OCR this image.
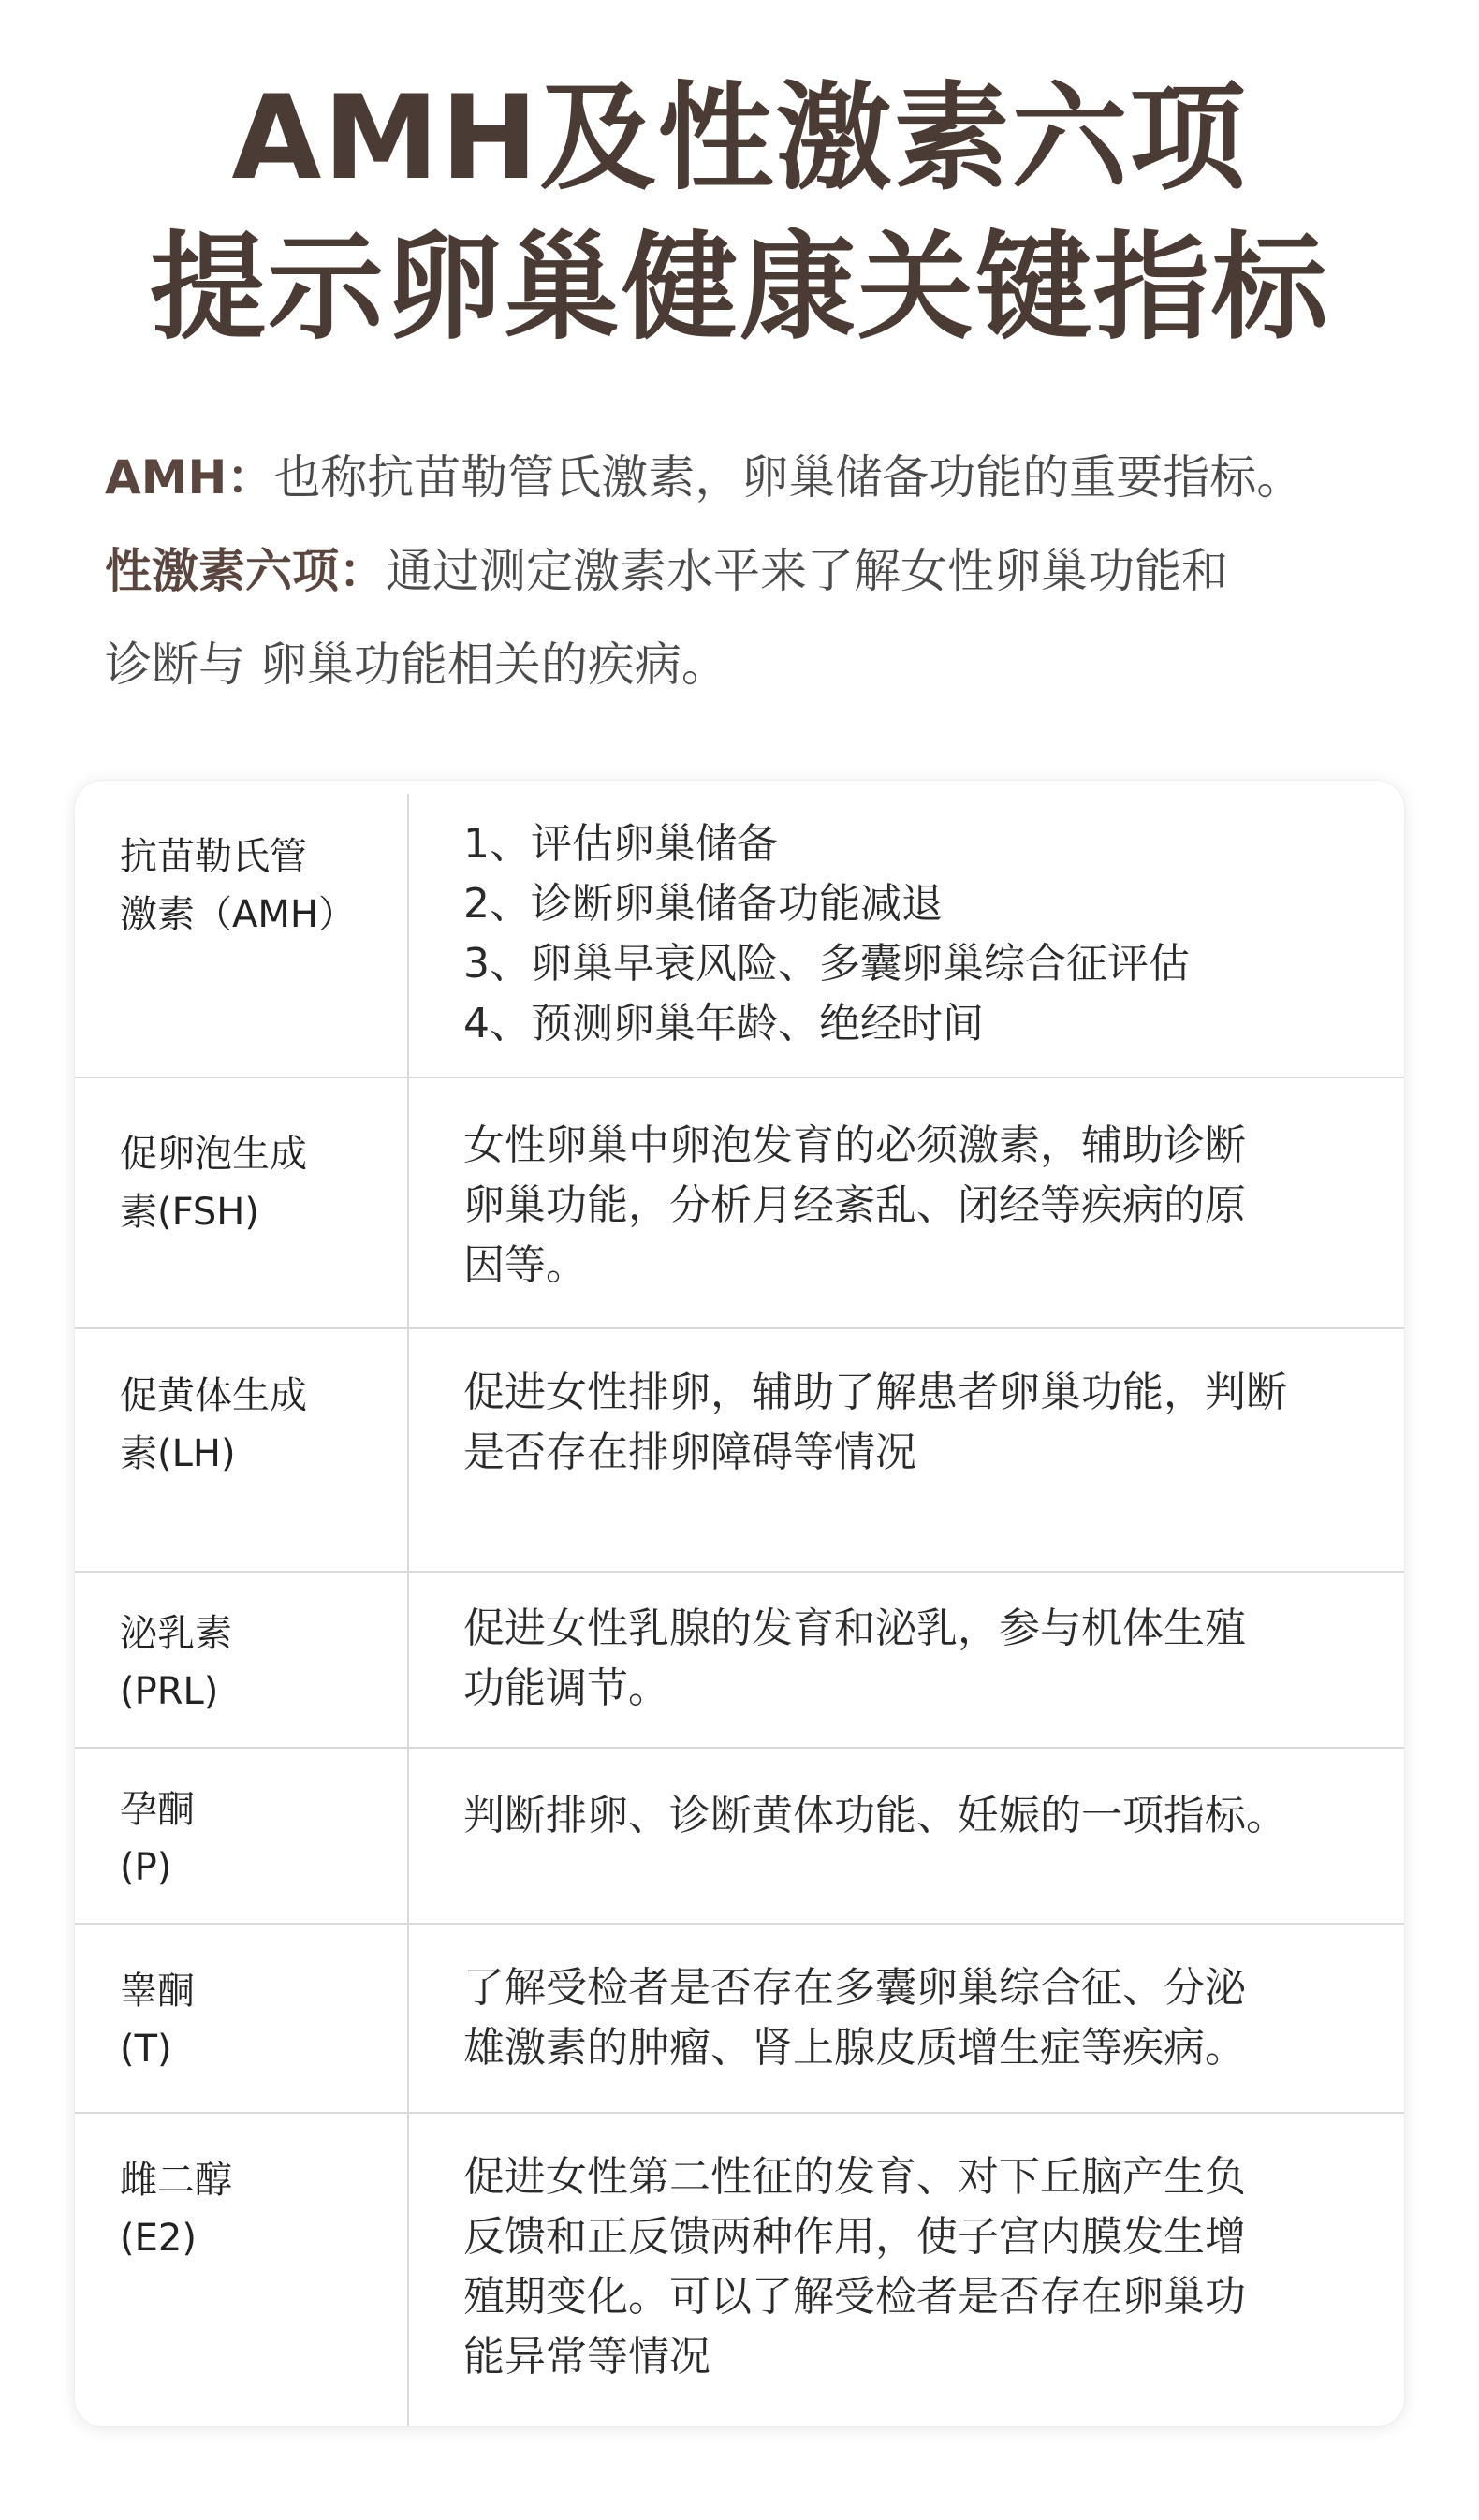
AMH及性激素六项
提示卵巢健康关键指标
AMH：也称抗苗勒管氏激素，卵巢储备功能的重要指标。
性激素六项：通过测定激素水平来了解女性卵巢功能和
诊断与 卵巢功能相关的疾病。
抗苗勒氏管
激素（AMH）
1、评估卵巢储备
2、诊断卵巢储备功能减退
3、卵巢早衰风险、多囊卵巢综合征评估
4、预测卵巢年龄、绝经时间
促卵泡生成
素(FSH)
女性卵巢中卵泡发育的必须激素，辅助诊断
卵巢功能，分析月经紊乱、闭经等疾病的原
因等。
促黄体生成
素(LH)
促进女性排卵，辅助了解患者卵巢功能，判断
是否存在排卵障碍等情况
泌乳素
(PRL)
促进女性乳腺的发育和泌乳，参与机体生殖
功能调节。
孕酮
(P)
判断排卵、诊断黄体功能、妊娠的一项指标。
睾酮
(T)
了解受检者是否存在多囊卵巢综合征、分泌
雄激素的肿瘤、肾上腺皮质增生症等疾病。
雌二醇
(E2)
促进女性第二性征的发育、对下丘脑产生负
反馈和正反馈两种作用，使子宫内膜发生增
殖期变化。可以了解受检者是否存在卵巢功
能异常等情况
